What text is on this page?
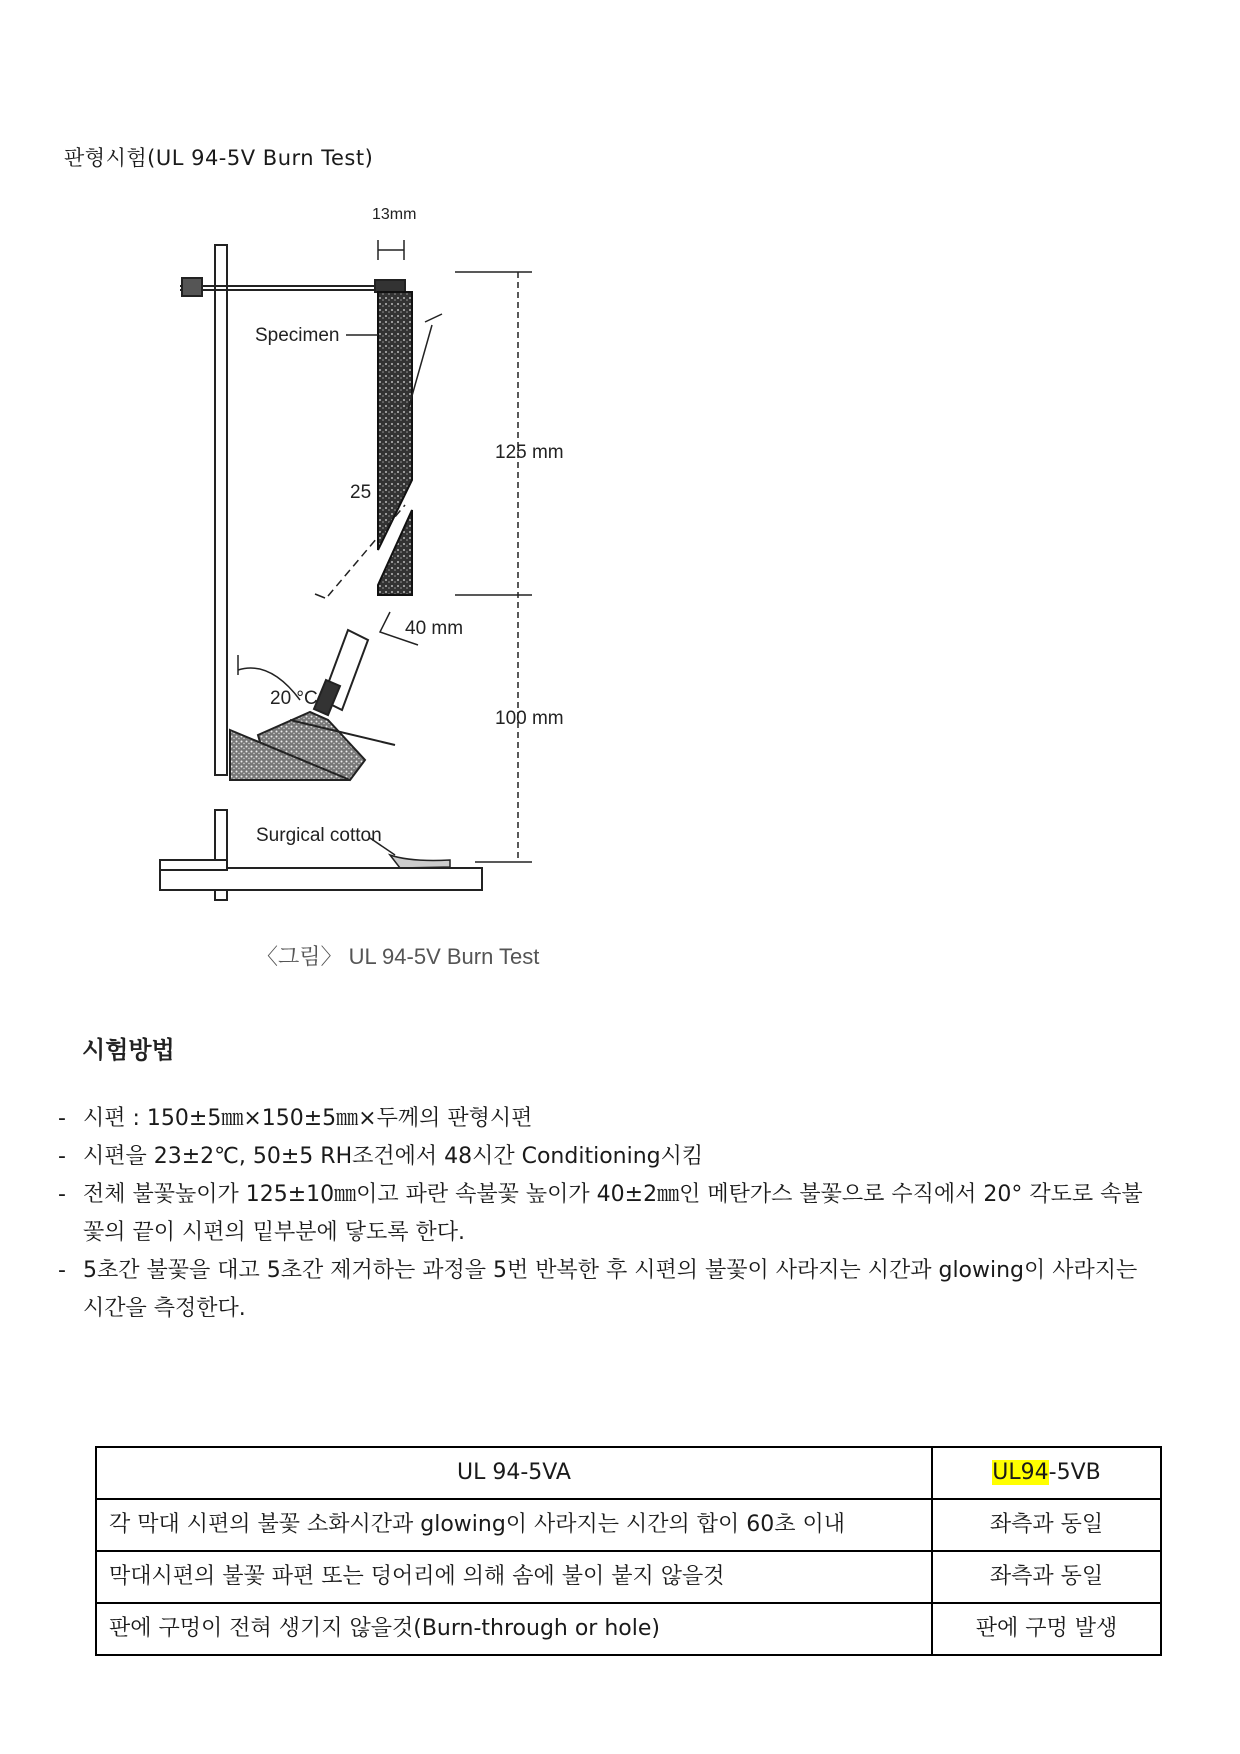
판형시험(UL 94-5V Burn Test)
13mm
Specimen
25
125 mm
40 mm
20 °C
100 mm
Surgical cotton
〈그림〉 UL 94-5V Burn Test
시험방법
- 시편 : 150±5㎜×150±5㎜×두께의 판형시편
- 시편을 23±2℃, 50±5 RH조건에서 48시간 Conditioning시킴
- 전체 불꽃높이가 125±10㎜이고 파란 속불꽃 높이가 40±2㎜인 메탄가스 불꽃으로 수직에서 20° 각도로 속불꽃의 끝이 시편의 밑부분에 닿도록 한다.
- 5초간 불꽃을 대고 5초간 제거하는 과정을 5번 반복한 후 시편의 불꽃이 사라지는 시간과 glowing이 사라지는 시간을 측정한다.
UL 94-5VA	UL94-5VB
각 막대 시편의 불꽃 소화시간과 glowing이 사라지는 시간의 합이 60초 이내	좌측과 동일
막대시편의 불꽃 파편 또는 덩어리에 의해 솜에 불이 붙지 않을것	좌측과 동일
판에 구멍이 전혀 생기지 않을것(Burn-through or hole)	판에 구멍 발생
